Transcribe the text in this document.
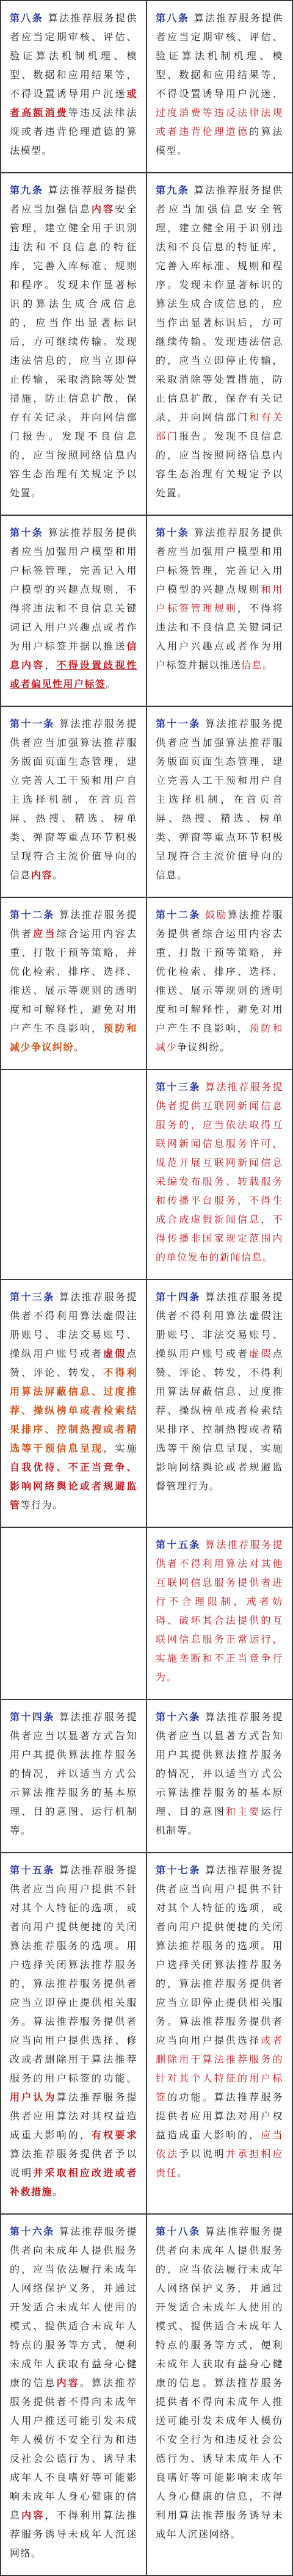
第八条 算法推荐服务提供者应当定期审核、评估、验证算法机制机理、模型、数据和应用结果等，不得设置诱导用户沉迷或者高额消费等违反法律法规或者违背伦理道德的算法模型。	第八条 算法推荐服务提供者应当定期审核、评估、验证算法机制机理、模型、数据和应用结果等，不得设置诱导用户沉迷、过度消费等违反法律法规或者违背伦理道德的算法模型。
第九条 算法推荐服务提供者应当加强信息内容安全管理，建立健全用于识别违法和不良信息的特征库，完善入库标准、规则和程序。发现未作显著标识的算法生成合成信息的，应当作出显著标识后，方可继续传输。发现违法信息的，应当立即停止传输，采取消除等处置措施，防止信息扩散，保存有关记录，并向网信部门报告。发现不良信息的，应当按照网络信息内容生态治理有关规定予以处置。	第九条 算法推荐服务提供者应当加强信息安全管理，建立健全用于识别违法和不良信息的特征库，完善入库标准、规则和程序。发现未作显著标识的算法生成合成信息的，应当作出显著标识后，方可继续传输。发现违法信息的，应当立即停止传输，采取消除等处置措施，防止信息扩散，保存有关记录，并向网信部门和有关部门报告。发现不良信息的，应当按照网络信息内容生态治理有关规定予以处置。
第十条 算法推荐服务提供者应当加强用户模型和用户标签管理，完善记入用户模型的兴趣点规则，不得将违法和不良信息关键词记入用户兴趣点或者作为用户标签并据以推送信息内容，不得设置歧视性或者偏见性用户标签。	第十条 算法推荐服务提供者应当加强用户模型和用户标签管理，完善记入用户模型的兴趣点规则和用户标签管理规则，不得将违法和不良信息关键词记入用户兴趣点或者作为用户标签并据以推送信息。
第十一条 算法推荐服务提供者应当加强算法推荐服务版面页面生态管理，建立完善人工干预和用户自主选择机制，在首页首屏、热搜、精选、榜单类、弹窗等重点环节积极呈现符合主流价值导向的信息内容。	第十一条 算法推荐服务提供者应当加强算法推荐服务版面页面生态管理，建立完善人工干预和用户自主选择机制，在首页首屏、热搜、精选、榜单类、弹窗等重点环节积极呈现符合主流价值导向的信息。
第十二条 算法推荐服务提供者应当综合运用内容去重、打散干预等策略，并优化检索、排序、选择、推送、展示等规则的透明度和可解释性，避免对用户产生不良影响，预防和减少争议纠纷。	第十二条 鼓励算法推荐服务提供者综合运用内容去重、打散干预等策略，并优化检索、排序、选择、推送、展示等规则的透明度和可解释性，避免对用户产生不良影响，预防和减少争议纠纷。
	第十三条 算法推荐服务提供者提供互联网新闻信息服务的，应当依法取得互联网新闻信息服务许可，规范开展互联网新闻信息采编发布服务、转载服务和传播平台服务，不得生成合成虚假新闻信息，不得传播非国家规定范围内的单位发布的新闻信息。
第十三条 算法推荐服务提供者不得利用算法虚假注册账号、非法交易账号、操纵用户账号或者虚假点赞、评论、转发，不得利用算法屏蔽信息、过度推荐、操纵榜单或者检索结果排序、控制热搜或者精选等干预信息呈现，实施自我优待、不正当竞争、影响网络舆论或者规避监管等行为。	第十四条 算法推荐服务提供者不得利用算法虚假注册账号、非法交易账号、操纵用户账号或者虚假点赞、评论、转发，不得利用算法屏蔽信息、过度推荐、操纵榜单或者检索结果排序、控制热搜或者精选等干预信息呈现，实施影响网络舆论或者规避监督管理行为。
	第十五条 算法推荐服务提供者不得利用算法对其他互联网信息服务提供者进行不合理限制，或者妨碍、破坏其合法提供的互联网信息服务正常运行，实施垄断和不正当竞争行为。
第十四条 算法推荐服务提供者应当以显著方式告知用户其提供算法推荐服务的情况，并以适当方式公示算法推荐服务的基本原理、目的意图、运行机制等。	第十六条 算法推荐服务提供者应当以显著方式告知用户其提供算法推荐服务的情况，并以适当方式公示算法推荐服务的基本原理、目的意图和主要运行机制等。
第十五条 算法推荐服务提供者应当向用户提供不针对其个人特征的选项，或者向用户提供便捷的关闭算法推荐服务的选项。用户选择关闭算法推荐服务的，算法推荐服务提供者应当立即停止提供相关服务。算法推荐服务提供者应当向用户提供选择、修改或者删除用于算法推荐服务的用户标签的功能。用户认为算法推荐服务提供者应用算法对其权益造成重大影响的，有权要求算法推荐服务提供者予以说明并采取相应改进或者补救措施。	第十七条 算法推荐服务提供者应当向用户提供不针对其个人特征的选项，或者向用户提供便捷的关闭算法推荐服务的选项。用户选择关闭算法推荐服务的，算法推荐服务提供者应当立即停止提供相关服务。算法推荐服务提供者应当向用户提供选择或者删除用于算法推荐服务的针对其个人特征的用户标签的功能。算法推荐服务提供者应用算法对用户权益造成重大影响的，应当依法予以说明并承担相应责任。
第十六条 算法推荐服务提供者向未成年人提供服务的，应当依法履行未成年人网络保护义务，并通过开发适合未成年人使用的模式、提供适合未成年人特点的服务等方式，便利未成年人获取有益身心健康的信息内容。算法推荐服务提供者不得向未成年人用户推送可能引发未成年人模仿不安全行为和违反社会公德行为、诱导未成年人不良嗜好等可能影响未成年人身心健康的信息内容，不得利用算法推荐服务诱导未成年人沉迷网络。	第十八条 算法推荐服务提供者向未成年人提供服务的，应当依法履行未成年人网络保护义务，并通过开发适合未成年人使用的模式、提供适合未成年人特点的服务等方式，便利未成年人获取有益身心健康的信息。算法推荐服务提供者不得向未成年人推送可能引发未成年人模仿不安全行为和违反社会公德行为、诱导未成年人不良嗜好等可能影响未成年人身心健康的信息，不得利用算法推荐服务诱导未成年人沉迷网络。
